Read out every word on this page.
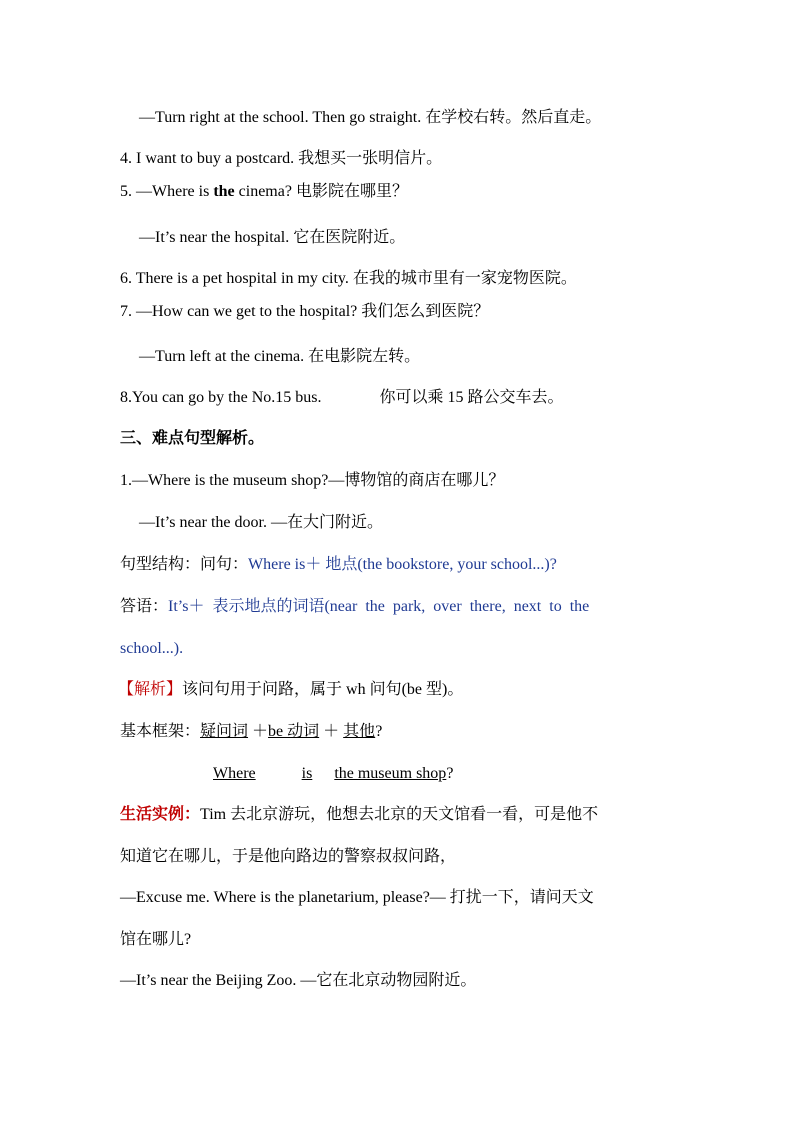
—Turn right at the school. Then go straight. 在学校右转。然后直走。
4. I want to buy a postcard. 我想买一张明信片。
5. —Where is the cinema? 电影院在哪里？
—It’s near the hospital. 它在医院附近。
6. There is a pet hospital in my city. 在我的城市里有一家宠物医院。
7. —How can we get to the hospital? 我们怎么到医院？
—Turn left at the cinema. 在电影院左转。
8.You can go by the No.15 bus.	你可以乘 15 路公交车去。
三、难点句型解析。
1.—Where is the museum shop?—博物馆的商店在哪儿？
—It’s near the door. —在大门附近。
句型结构：问句：Where is＋ 地点(the bookstore, your school...)?
答语：It’s＋ 表示地点的词语(near the park, over there, next to the
school...).
【解析】该问句用于问路，属于 wh 问句(be 型)。
基本框架：疑问词 ＋be 动词 ＋ 其他?
Where	is the museum shop?
生活实例：Tim 去北京游玩，他想去北京的天文馆看一看，可是他不
知道它在哪儿，于是他向路边的警察叔叔问路，
—Excuse me. Where is the planetarium, please?— 打扰一下，请问天文
馆在哪儿?
—It’s near the Beijing Zoo. —它在北京动物园附近。
